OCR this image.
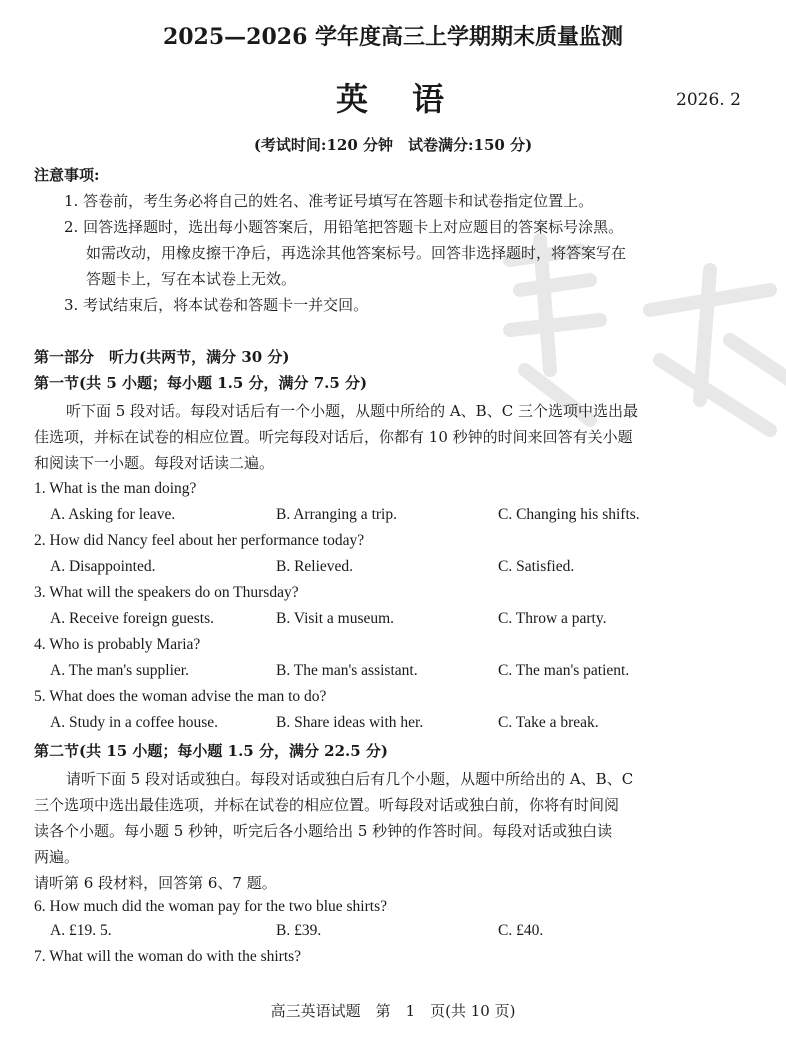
2025—2026 学年度高三上学期期末质量监测
英　语	2026. 2
(考试时间:120 分钟　试卷满分:150 分)
注意事项:
1. 答卷前，考生务必将自己的姓名、准考证号填写在答题卡和试卷指定位置上。
2. 回答选择题时，选出每小题答案后，用铅笔把答题卡上对应题目的答案标号涂黑。
如需改动，用橡皮擦干净后，再选涂其他答案标号。回答非选择题时，将答案写在
答题卡上，写在本试卷上无效。
3. 考试结束后，将本试卷和答题卡一并交回。
第一部分　听力(共两节，满分 30 分)
第一节(共 5 小题；每小题 1.5 分，满分 7.5 分)
听下面 5 段对话。每段对话后有一个小题，从题中所给的 A、B、C 三个选项中选出最
佳选项，并标在试卷的相应位置。听完每段对话后，你都有 10 秒钟的时间来回答有关小题
和阅读下一小题。每段对话读二遍。
1. What is the man doing?
A. Asking for leave.	B. Arranging a trip.	C. Changing his shifts.
2. How did Nancy feel about her performance today?
A. Disappointed.	B. Relieved.	C. Satisfied.
3. What will the speakers do on Thursday?
A. Receive foreign guests.	B. Visit a museum.	C. Throw a party.
4. Who is probably Maria?
A. The man's supplier.	B. The man's assistant.	C. The man's patient.
5. What does the woman advise the man to do?
A. Study in a coffee house.	B. Share ideas with her.	C. Take a break.
第二节(共 15 小题；每小题 1.5 分，满分 22.5 分)
请听下面 5 段对话或独白。每段对话或独白后有几个小题，从题中所给出的 A、B、C
三个选项中选出最佳选项，并标在试卷的相应位置。听每段对话或独白前，你将有时间阅
读各个小题。每小题 5 秒钟，听完后各小题给出 5 秒钟的作答时间。每段对话或独白读
两遍。
请听第 6 段材料，回答第 6、7 题。
6. How much did the woman pay for the two blue shirts?
A. £19. 5.	B. £39.	C. £40.
7. What will the woman do with the shirts?
高三英语试题　第　1　页(共 10 页)
